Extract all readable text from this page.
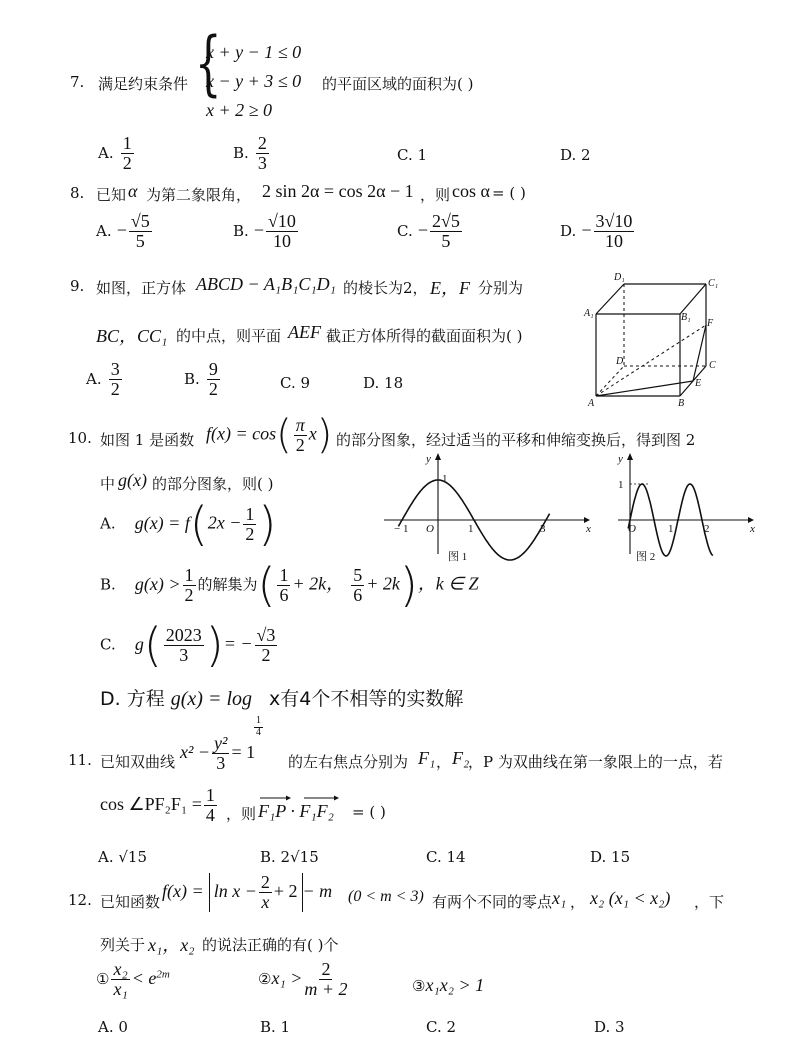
7. 满足约束条件 {
x + y − 1 ≤ 0
x − y + 3 ≤ 0
x + 2 ≥ 0
的平面区域的面积为( )
A. $\frac{1}{2}$	B. $\frac{2}{3}$	C. 1	D. 2
8. 已知 α 为第二象限角， 2 sin 2α = cos 2α − 1 ，则 cos α = ( )
A. − $\frac{√5}{5}$	B. − $\frac{√10}{10}$	C. − $\frac{2√5}{5}$	D. − $\frac{3√10}{10}$
9. 如图，正方体 ABCD − A₁B₁C₁D₁ 的棱长为2， E，F 分别为
BC，CC₁ 的中点，则平面 AEF 截正方体所得的截面面积为( )
A. $\frac{3}{2}$	B. $\frac{9}{2}$	C. 9	D. 18
D₁
C₁
A₁	B₁
F
D	C
E
A	B
10. 如图 1 是函数 $f(x) = \cos( \frac{\pi}{2} x)$ 的部分图象，经过适当的平移和伸缩变换后，得到图 2
中 g(x) 的部分图象，则( )
A. $g(x) = f(2x - \frac{1}{2}$ )
B. $g(x) > \frac{1}{2}$ 的解集为( $\frac{1}{6} + 2k$， $\frac{5}{6} + 2k$)，k ∈ Z
C. $g( \frac{2023}{3}$ )= − $\frac{√3}{2}$
D. 方程 g(x) = log
$\frac{1}{4}$
x有4个不相等的实数解
y
x
1
− 1 O	1	3
图 1
y
x
1
O	1	2
图 2
11. 已知双曲线
$x^2 - \frac{\text{y²}}{3} = 1$
的左右焦点分别为 F₁ ， F₂
，P 为双曲线在第一象限上的一点，若
cos ∠PF₂F₁ = $\frac{1}{4}$ ，则 F₁P · F₁F₂ = ( )
A. √15	B. 2√15	C. 14	D. 15
12. 已知函数
$f(x) = \ln x - \frac{2}{x} + 2 - m$ (0 < m < 3) 有两个不同的零点 x₁ ， x₂ (x₁ < x₂) ，下
列关于 x₁，x₂ 的说法正确的有( )个
① $\frac{\text{x₂}}{\text{x₁}} < e^{2m}$	②x₁ > $\frac{2}{m + 2}$	③x₁x₂ > 1
A. 0	B. 1	C. 2	D. 3
